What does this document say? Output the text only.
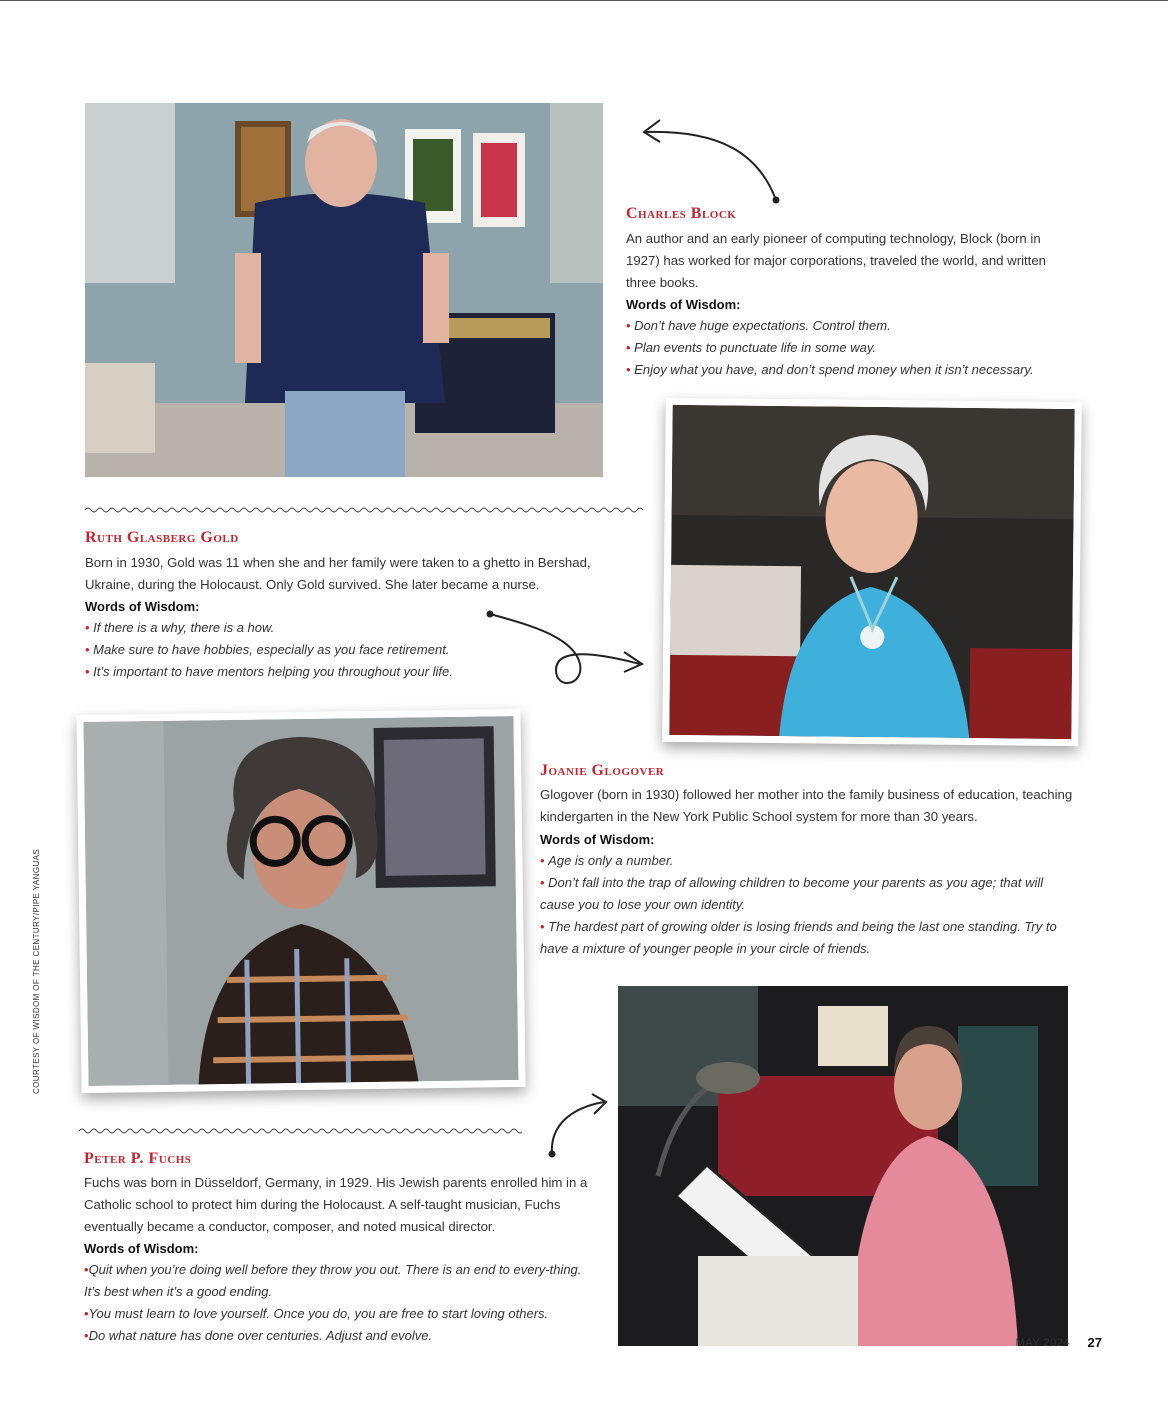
Charles Block

An author and an early pioneer of computing technology, Block (born in 1927) has worked for major corporations, traveled the world, and written three books.

Words of Wisdom:

• Don’t have huge expectations. Control them.
• Plan events to punctuate life in some way.
• Enjoy what you have, and don’t spend money when it isn’t necessary.

Ruth Glasberg Gold

Born in 1930, Gold was 11 when she and her family were taken to a ghetto in Bershad, Ukraine, during the Holocaust. Only Gold survived. She later became a nurse.

Words of Wisdom:

• If there is a why, there is a how.
• Make sure to have hobbies, especially as you face retirement.
• It’s important to have mentors helping you throughout your life.
COURTESY OF WISDOM OF THE CENTURY/PIPE YANGUAS

Joanie Glogover

Glogover (born in 1930) followed her mother into the family business of education, teaching kindergarten in the New York Public School system for more than 30 years.

Words of Wisdom:

• Age is only a number.
• Don’t fall into the trap of allowing children to become your parents as you age; that will cause you to lose your own identity.
• The hardest part of growing older is losing friends and being the last one standing. Try to have a mixture of younger people in your circle of friends.

Peter P. Fuchs

Fuchs was born in Düsseldorf, Germany, in 1929. His Jewish parents enrolled him in a Catholic school to protect him during the Holocaust. A self-taught musician, Fuchs eventually became a conductor, composer, and noted musical director.

Words of Wisdom:

• Quit when you’re doing well before they throw you out. There is an end to every-thing. It’s best when it’s a good ending.
• You must learn to love yourself. Once you do, you are free to start loving others.
• Do what nature has done over centuries. Adjust and evolve.	MAY 2024 27
